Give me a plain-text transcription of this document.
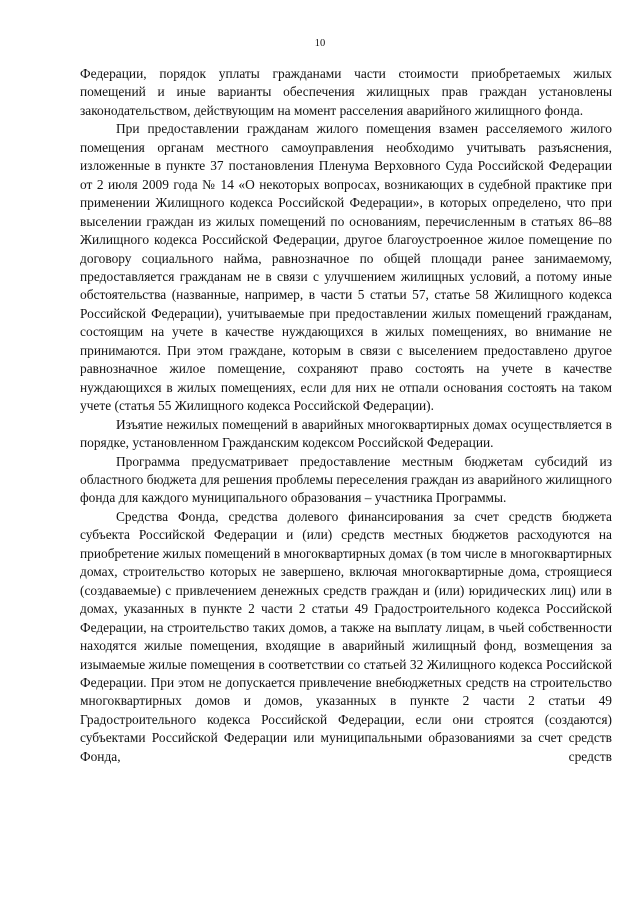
10

Федерации, порядок уплаты гражданами части стоимости приобретаемых жилых помещений и иные варианты обеспечения жилищных прав граждан установлены законодательством, действующим на момент расселения аварийного жилищного фонда.

При предоставлении гражданам жилого помещения взамен расселяемого жилого помещения органам местного самоуправления необходимо учитывать разъяснения, изложенные в пункте 37 постановления Пленума Верховного Суда Российской Федерации от 2 июля 2009 года № 14 «О некоторых вопросах, возникающих в судебной практике при применении Жилищного кодекса Российской Федерации», в которых определено, что при выселении граждан из жилых помещений по основаниям, перечисленным в статьях 86–88 Жилищного кодекса Российской Федерации, другое благоустроенное жилое помещение по договору социального найма, равнозначное по общей площади ранее занимаемому, предоставляется гражданам не в связи с улучшением жилищных условий, а потому иные обстоятельства (названные, например, в части 5 статьи 57, статье 58 Жилищного кодекса Российской Федерации), учитываемые при предоставлении жилых помещений гражданам, состоящим на учете в качестве нуждающихся в жилых помещениях, во внимание не принимаются. При этом гражданe, которым в связи с выселением предоставлено другое равнозначное жилое помещение, сохраняют право состоять на учете в качестве нуждающихся в жилых помещениях, если для них не отпали основания состоять на таком учете (статья 55 Жилищного кодекса Российской Федерации).

Изъятие нежилых помещений в аварийных многоквартирных домах осуществляется в порядке, установленном Гражданским кодексом Российской Федерации.

Программа предусматривает предоставление местным бюджетам субсидий из областного бюджета для решения проблемы переселения граждан из аварийного жилищного фонда для каждого муниципального образования – участника Программы.

Средства Фонда, средства долевого финансирования за счет средств бюджета субъекта Российской Федерации и (или) средств местных бюджетов расходуются на приобретение жилых помещений в многоквартирных домах (в том числе в многоквартирных домах, строительство которых не завершено, включая многоквартирные дома, строящиеся (создаваемые) с привлечением денежных средств граждан и (или) юридических лиц) или в домах, указанных в пункте 2 части 2 статьи 49 Градостроительного кодекса Российской Федерации, на строительство таких домов, а также на выплату лицам, в чьей собственности находятся жилые помещения, входящие в аварийный жилищный фонд, возмещения за изымаемые жилые помещения в соответствии со статьей 32 Жилищного кодекса Российской Федерации. При этом не допускается привлечение внебюджетных средств на строительство многоквартирных домов и домов, указанных в пункте 2 части 2 статьи 49 Градостроительного кодекса Российской Федерации, если они строятся (создаются) субъектами Российской Федерации или муниципальными образованиями за счет средств Фонда, средств
